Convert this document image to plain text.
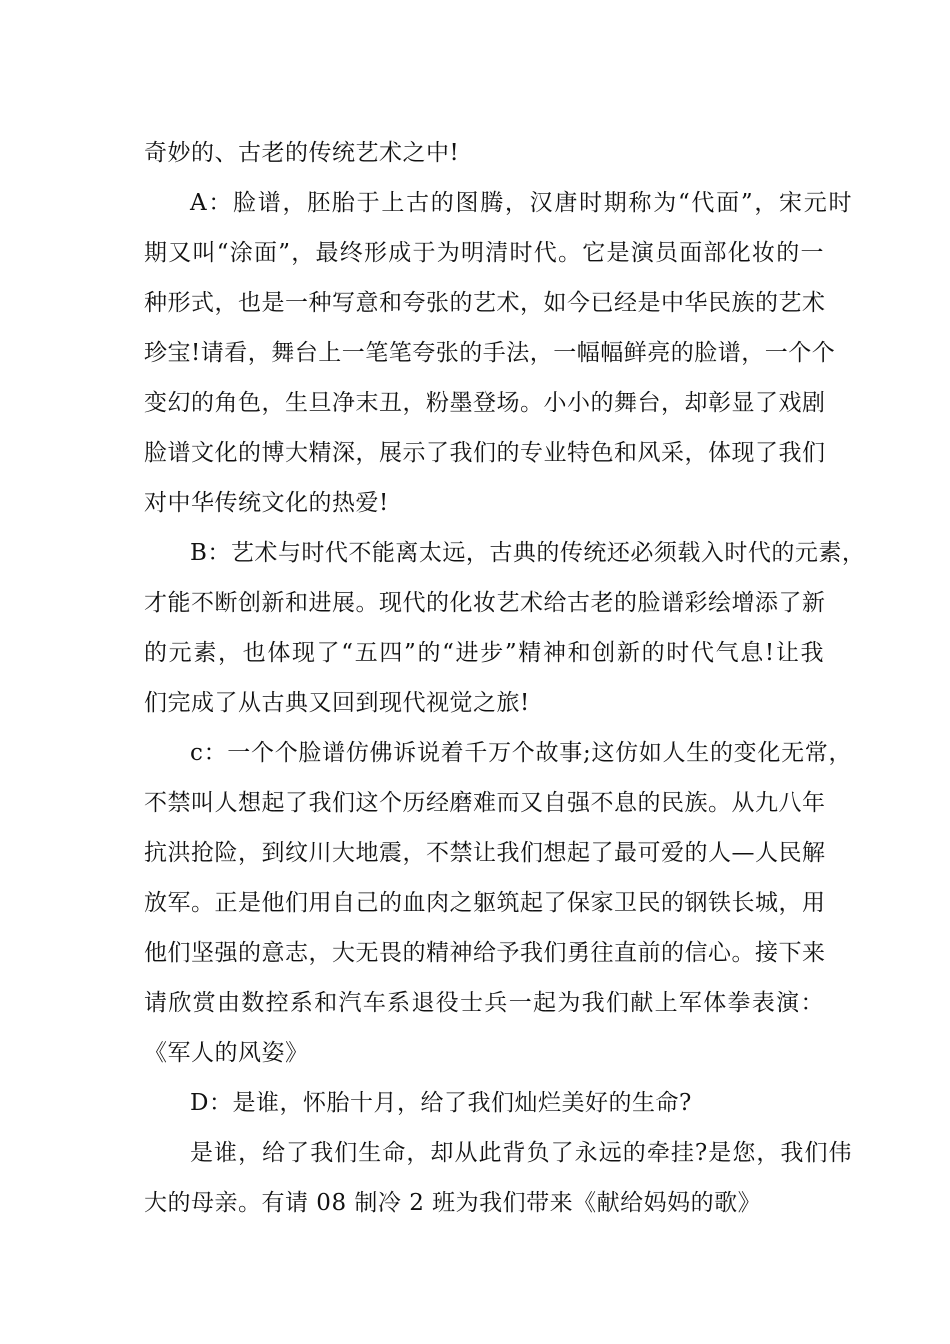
奇妙的、古老的传统艺术之中!
A：脸谱，胚胎于上古的图腾，汉唐时期称为“代面”，宋元时
期又叫“涂面”，最终形成于为明清时代。它是演员面部化妆的一
种形式，也是一种写意和夸张的艺术，如今已经是中华民族的艺术
珍宝!请看，舞台上一笔笔夸张的手法，一幅幅鲜亮的脸谱，一个个
变幻的角色，生旦净末丑，粉墨登场。小小的舞台，却彰显了戏剧
脸谱文化的博大精深，展示了我们的专业特色和风采，体现了我们
对中华传统文化的热爱!
B：艺术与时代不能离太远，古典的传统还必须载入时代的元素，
才能不断创新和进展。现代的化妆艺术给古老的脸谱彩绘增添了新
的元素，也体现了“五四”的“进步”精神和创新的时代气息!让我
们完成了从古典又回到现代视觉之旅!
c：一个个脸谱仿佛诉说着千万个故事;这仿如人生的变化无常，
不禁叫人想起了我们这个历经磨难而又自强不息的民族。从九八年
抗洪抢险，到纹川大地震，不禁让我们想起了最可爱的人—人民解
放军。正是他们用自己的血肉之躯筑起了保家卫民的钢铁长城，用
他们坚强的意志，大无畏的精神给予我们勇往直前的信心。接下来
请欣赏由数控系和汽车系退役士兵一起为我们献上军体拳表演：
《军人的风姿》
D：是谁，怀胎十月，给了我们灿烂美好的生命?
是谁，给了我们生命，却从此背负了永远的牵挂?是您，我们伟
大的母亲。有请 08 制冷 2 班为我们带来《献给妈妈的歌》
